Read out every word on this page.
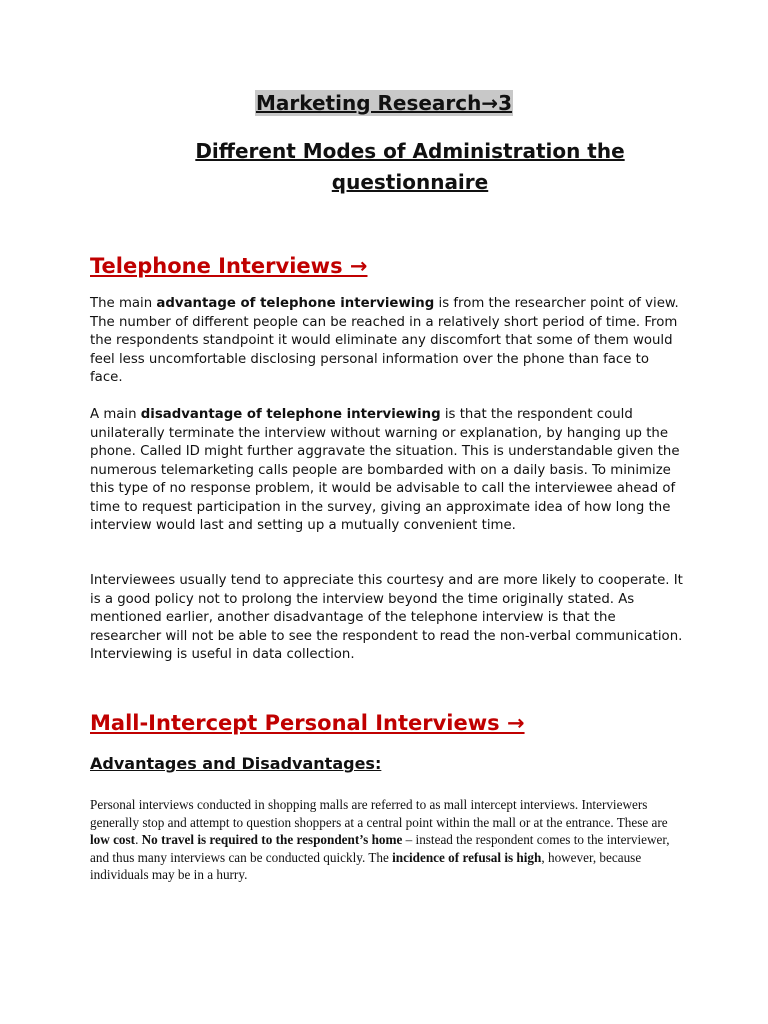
Marketing Research→3
Different Modes of Administration the
questionnaire
Telephone Interviews →

The main advantage of telephone interviewing is from the researcher point of view. The number of different people can be reached in a relatively short period of time. From the respondents standpoint it would eliminate any discomfort that some of them would feel less uncomfortable disclosing personal information over the phone than face to face.

A main disadvantage of telephone interviewing is that the respondent could unilaterally terminate the interview without warning or explanation, by hanging up the phone. Called ID might further aggravate the situation. This is understandable given the numerous telemarketing calls people are bombarded with on a daily basis. To minimize this type of no response problem, it would be advisable to call the interviewee ahead of time to request participation in the survey, giving an approximate idea of how long the interview would last and setting up a mutually convenient time.

Interviewees usually tend to appreciate this courtesy and are more likely to cooperate. It is a good policy not to prolong the interview beyond the time originally stated. As mentioned earlier, another disadvantage of the telephone interview is that the researcher will not be able to see the respondent to read the non-verbal communication. Interviewing is useful in data collection.

Mall-Intercept Personal Interviews →
Advantages and Disadvantages:

Personal interviews conducted in shopping malls are referred to as mall intercept interviews. Interviewers generally stop and attempt to question shoppers at a central point within the mall or at the entrance. These are low cost. No travel is required to the respondent’s home – instead the respondent comes to the interviewer, and thus many interviews can be conducted quickly. The incidence of refusal is high, however, because individuals may be in a hurry.
